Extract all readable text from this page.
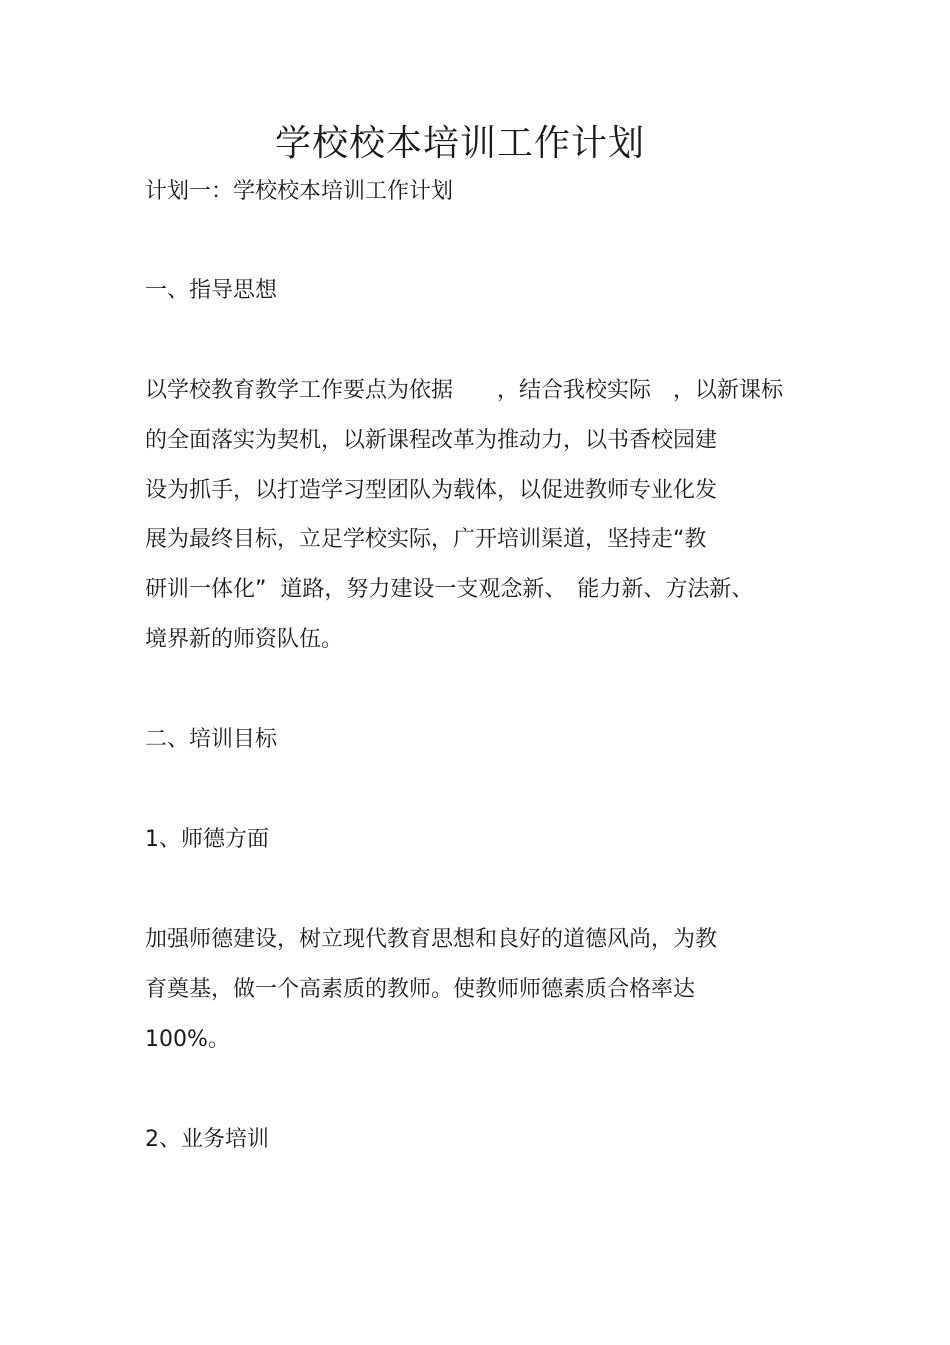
学校校本培训工作计划
计划一：学校校本培训工作计划
一、指导思想
以学校教育教学工作要点为依据　　，结合我校实际　，以新课标
的全面落实为契机，以新课程改革为推动力，以书香校园建
设为抓手，以打造学习型团队为载体，以促进教师专业化发
展为最终目标，立足学校实际，广开培训渠道，坚持走“教
研训一体化”  道路，努力建设一支观念新、　能力新、方法新、
境界新的师资队伍。
二、培训目标
1、师德方面
加强师德建设，树立现代教育思想和良好的道德风尚，为教
育奠基，做一个高素质的教师。使教师师德素质合格率达
100%。
2、业务培训
